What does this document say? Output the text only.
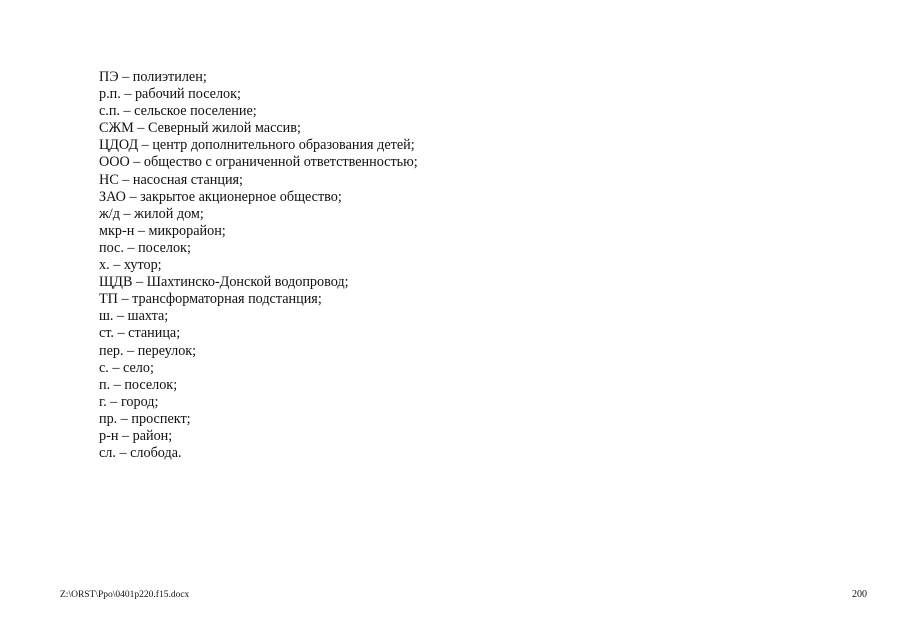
ПЭ – полиэтилен;
р.п. – рабочий поселок;
с.п. – сельское поселение;
СЖМ – Северный жилой массив;
ЦДОД – центр дополнительного образования детей;
ООО – общество с ограниченной ответственностью;
НС – насосная станция;
ЗАО – закрытое акционерное общество;
ж/д – жилой дом;
мкр-н – микрорайон;
пос. – поселок;
х. – хутор;
ЩДВ – Шахтинско-Донской водопровод;
ТП – трансформаторная подстанция;
ш. – шахта;
ст. – станица;
пер. – переулок;
с. – село;
п. – поселок;
г. – город;
пр. – проспект;
р-н – район;
сл. – слобода.
Z:\ORST\Ppo\0401p220.f15.docx	200
